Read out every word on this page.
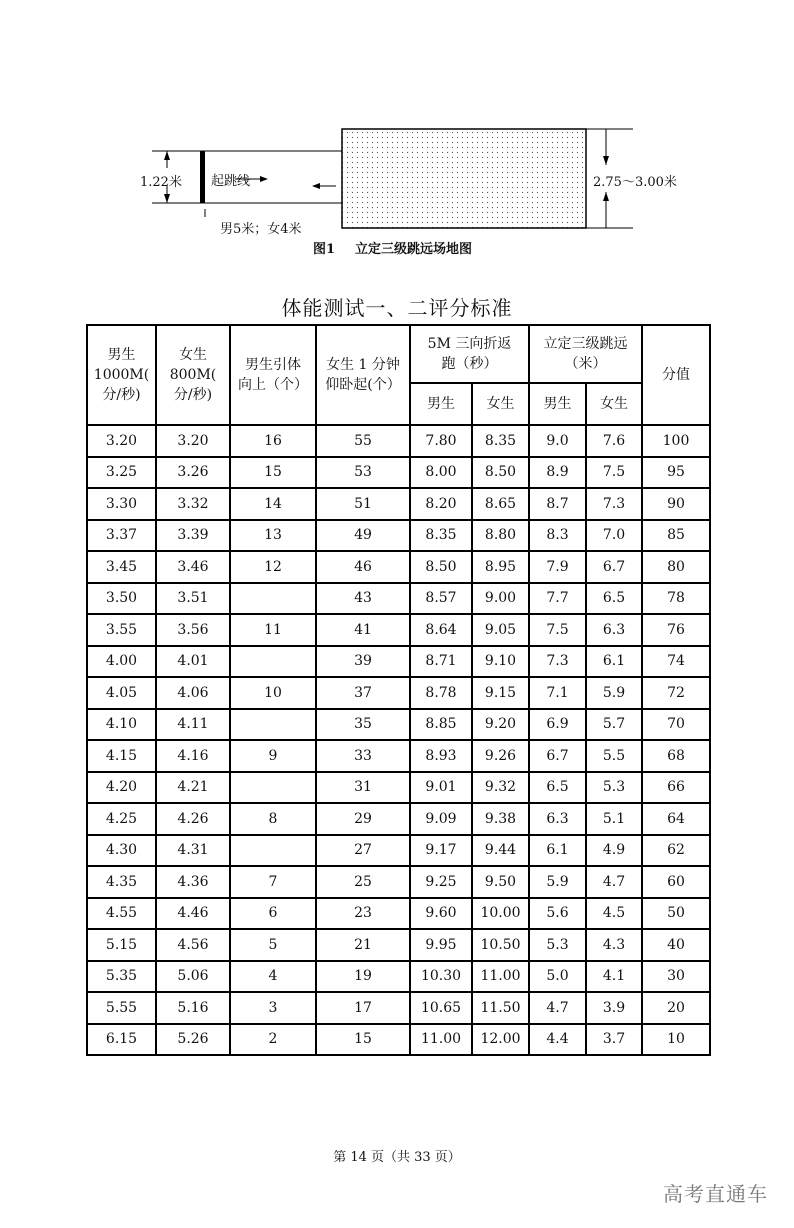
1.22米 起跳线	2.75～3.00米
男5米；女4米
图1 立定三级跳远场地图
体能测试一、二评分标准
男生
1000M(
分/秒)	女生
800M(
分/秒)	男生引体
向上（个）	女生 1 分钟
仰卧起(个）	5M 三向折返
跑（秒）		立定三级跳远
（米）		分值

				男生	女生	男生	女生	
3.20	3.20	16	55	7.80	8.35	9.0	7.6	100
3.25	3.26	15	53	8.00	8.50	8.9	7.5	95
3.30	3.32	14	51	8.20	8.65	8.7	7.3	90
3.37	3.39	13	49	8.35	8.80	8.3	7.0	85
3.45	3.46	12	46	8.50	8.95	7.9	6.7	80
3.50	3.51		43	8.57	9.00	7.7	6.5	78
3.55	3.56	11	41	8.64	9.05	7.5	6.3	76
4.00	4.01		39	8.71	9.10	7.3	6.1	74
4.05	4.06	10	37	8.78	9.15	7.1	5.9	72
4.10	4.11		35	8.85	9.20	6.9	5.7	70
4.15	4.16	9	33	8.93	9.26	6.7	5.5	68
4.20	4.21		31	9.01	9.32	6.5	5.3	66
4.25	4.26	8	29	9.09	9.38	6.3	5.1	64
4.30	4.31		27	9.17	9.44	6.1	4.9	62
4.35	4.36	7	25	9.25	9.50	5.9	4.7	60
4.55	4.46	6	23	9.60	10.00	5.6	4.5	50
5.15	4.56	5	21	9.95	10.50	5.3	4.3	40
5.35	5.06	4	19	10.30	11.00	5.0	4.1	30
5.55	5.16	3	17	10.65	11.50	4.7	3.9	20
6.15	5.26	2	15	11.00	12.00	4.4	3.7	10
第 14 页（共 33 页）
高考直通车
